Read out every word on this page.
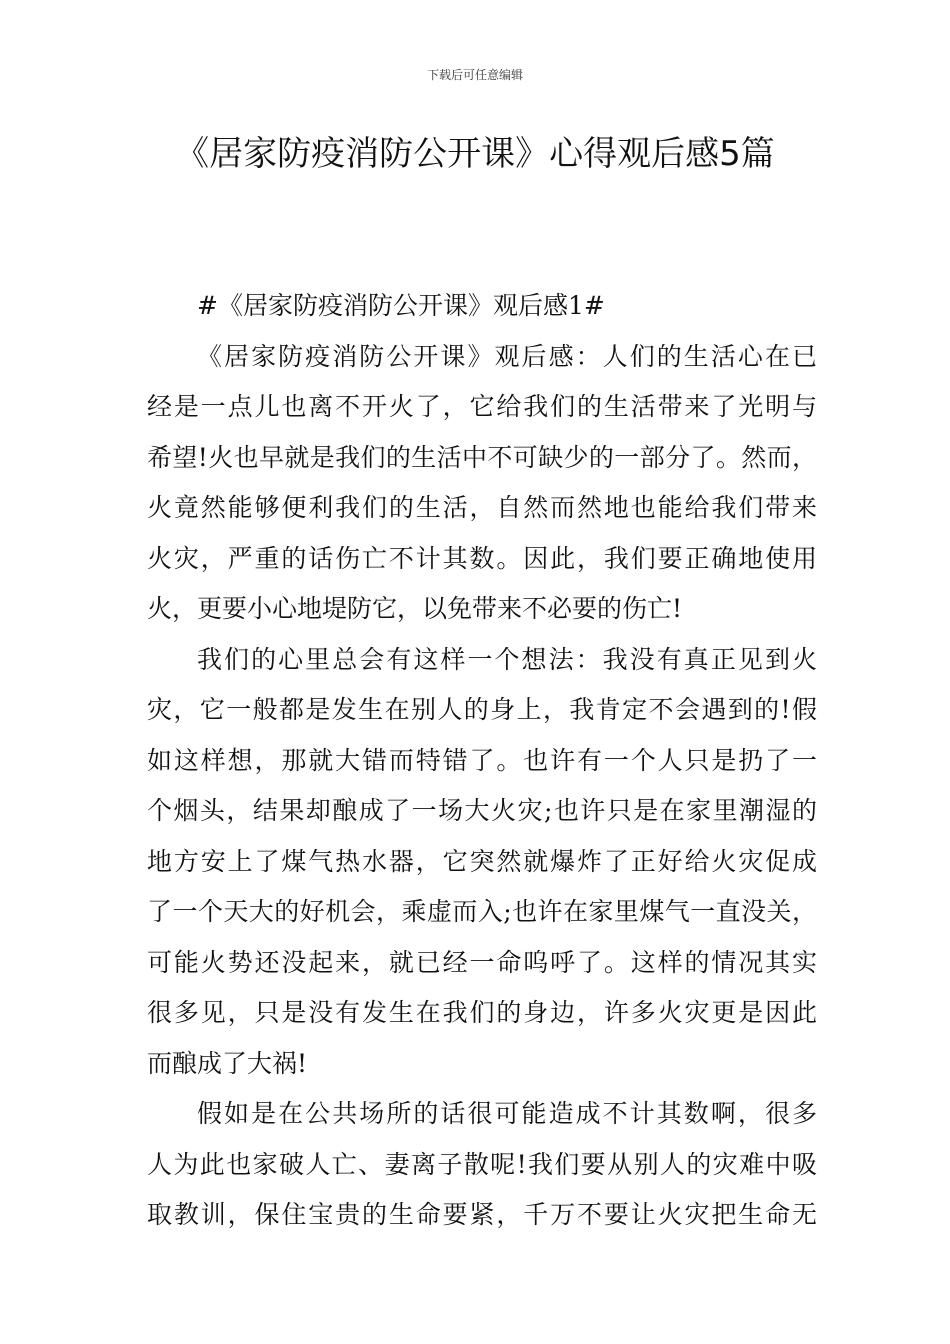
下载后可任意编辑
《居家防疫消防公开课》心得观后感5篇
#《居家防疫消防公开课》观后感1#
《居家防疫消防公开课》观后感：人们的生活心在已
经是一点儿也离不开火了，它给我们的生活带来了光明与
希望!火也早就是我们的生活中不可缺少的一部分了。然而，
火竟然能够便利我们的生活，自然而然地也能给我们带来
火灾，严重的话伤亡不计其数。因此，我们要正确地使用
火，更要小心地堤防它，以免带来不必要的伤亡!
我们的心里总会有这样一个想法：我没有真正见到火
灾，它一般都是发生在别人的身上，我肯定不会遇到的!假
如这样想，那就大错而特错了。也许有一个人只是扔了一
个烟头，结果却酿成了一场大火灾;也许只是在家里潮湿的
地方安上了煤气热水器，它突然就爆炸了正好给火灾促成
了一个天大的好机会，乘虚而入;也许在家里煤气一直没关，
可能火势还没起来，就已经一命呜呼了。这样的情况其实
很多见，只是没有发生在我们的身边，许多火灾更是因此
而酿成了大祸!
假如是在公共场所的话很可能造成不计其数啊，很多
人为此也家破人亡、妻离子散呢!我们要从别人的灾难中吸
取教训，保住宝贵的生命要紧，千万不要让火灾把生命无
